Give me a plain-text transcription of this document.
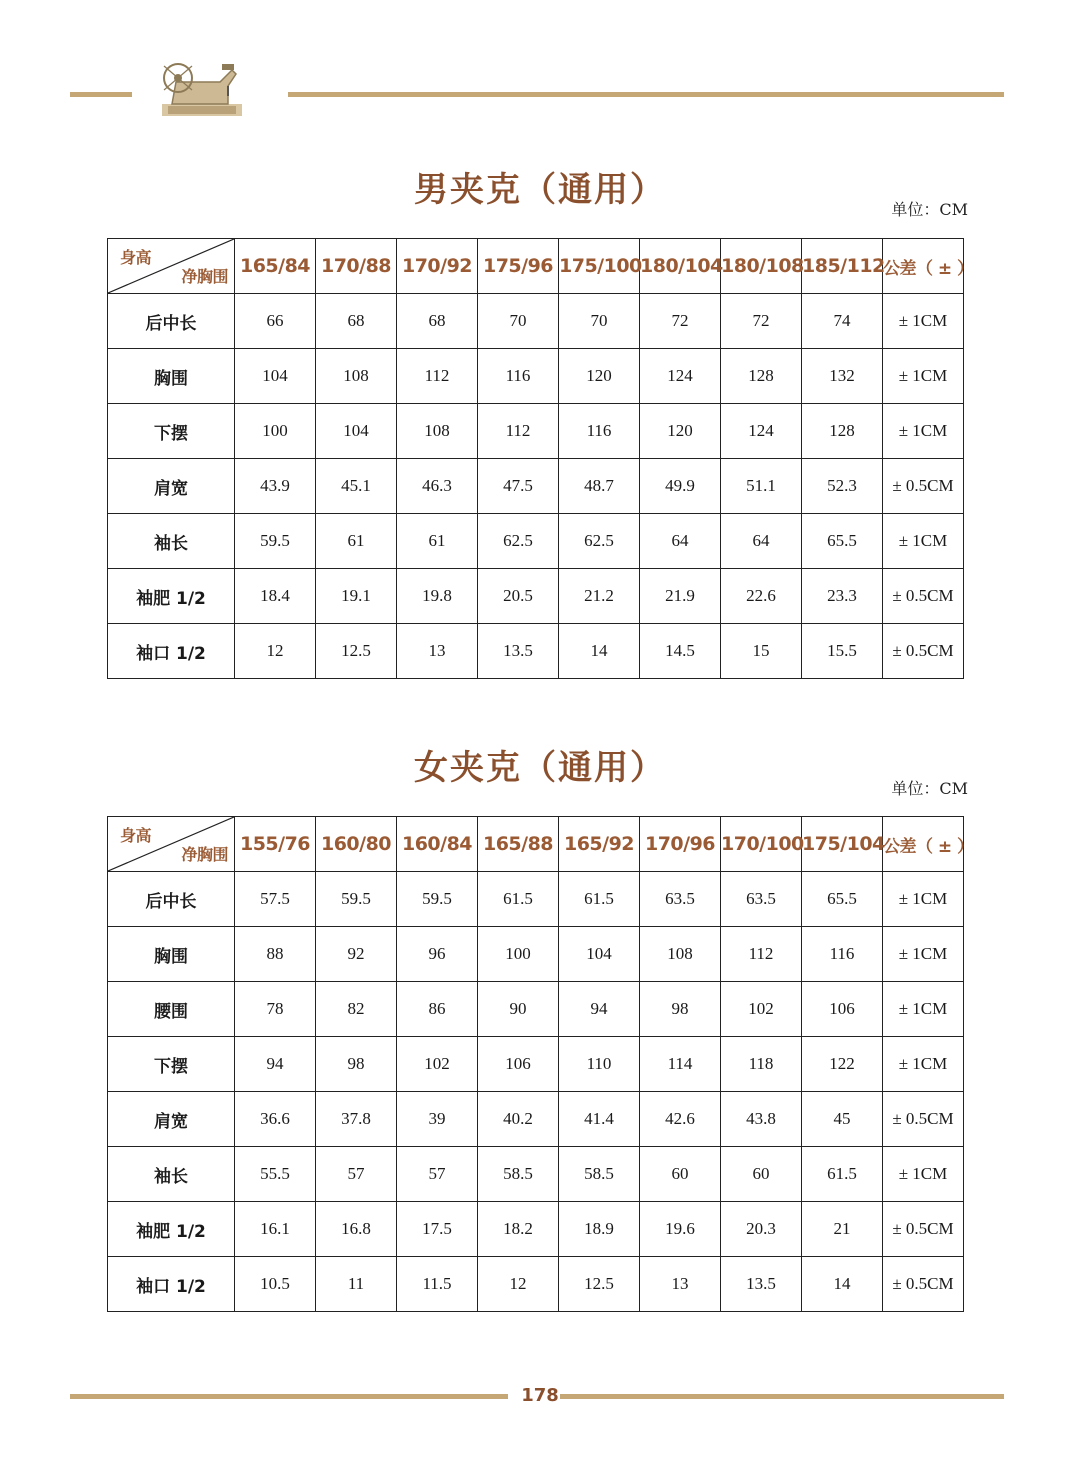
男夹克（通用）	单位：CM
身高
净胸围	165/84	170/88	170/92	175/96	175/100	180/104	180/108	185/112	公差（ ± ）
后中长	66	68	68	70	70	72	72	74	± 1CM
胸围	104	108	112	116	120	124	128	132	± 1CM
下摆	100	104	108	112	116	120	124	128	± 1CM
肩宽	43.9	45.1	46.3	47.5	48.7	49.9	51.1	52.3	± 0.5CM
袖长	59.5	61	61	62.5	62.5	64	64	65.5	± 1CM
袖肥 1/2	18.4	19.1	19.8	20.5	21.2	21.9	22.6	23.3	± 0.5CM
袖口 1/2	12	12.5	13	13.5	14	14.5	15	15.5	± 0.5CM
女夹克（通用）
单位：CM
身高
净胸围	155/76	160/80	160/84	165/88	165/92	170/96	170/100	175/104	公差（ ± ）
后中长	57.5	59.5	59.5	61.5	61.5	63.5	63.5	65.5	± 1CM
胸围	88	92	96	100	104	108	112	116	± 1CM
腰围	78	82	86	90	94	98	102	106	± 1CM
下摆	94	98	102	106	110	114	118	122	± 1CM
肩宽	36.6	37.8	39	40.2	41.4	42.6	43.8	45	± 0.5CM
袖长	55.5	57	57	58.5	58.5	60	60	61.5	± 1CM
袖肥 1/2	16.1	16.8	17.5	18.2	18.9	19.6	20.3	21	± 0.5CM
袖口 1/2	10.5	11	11.5	12	12.5	13	13.5	14	± 0.5CM
178
